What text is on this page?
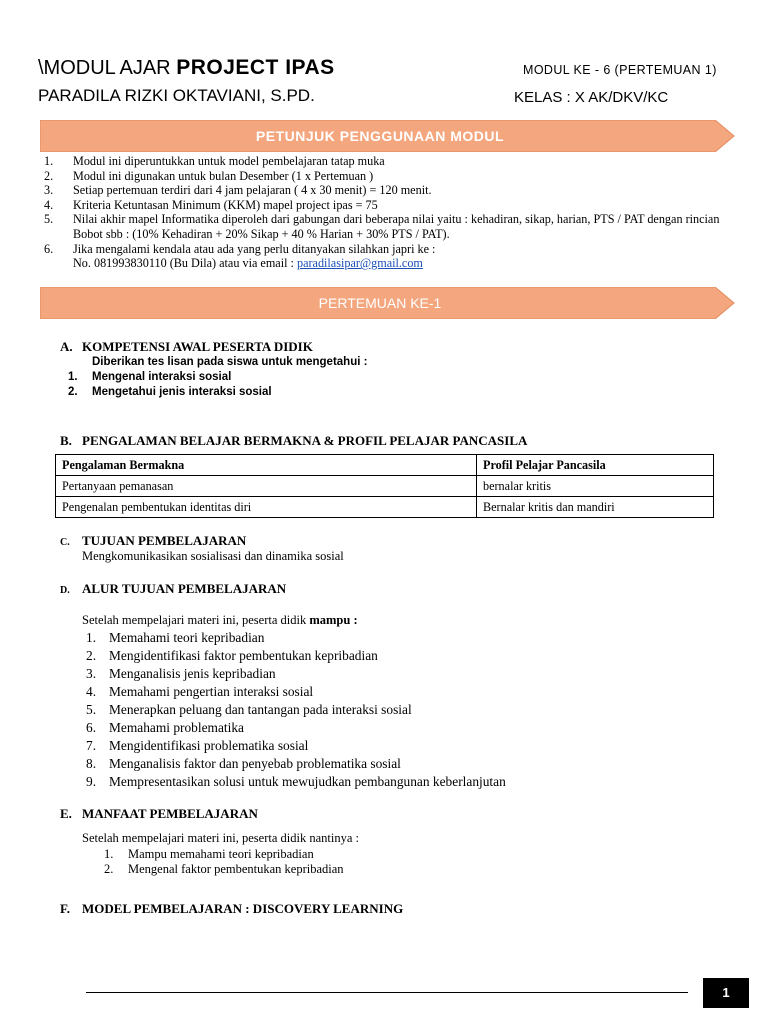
\MODUL AJAR PROJECT IPAS	MODUL KE - 6 (PERTEMUAN 1)
PARADILA RIZKI OKTAVIANI, S.PD.	KELAS : X AK/DKV/KC
PETUNJUK PENGGUNAAN MODUL
1. Modul ini diperuntukkan untuk model pembelajaran tatap muka
2. Modul ini digunakan untuk bulan Desember (1 x Pertemuan )
3. Setiap pertemuan terdiri dari 4 jam pelajaran ( 4 x 30 menit) = 120 menit.
4. Kriteria Ketuntasan Minimum (KKM) mapel project ipas = 75
5. Nilai akhir mapel Informatika diperoleh dari gabungan dari beberapa nilai yaitu : kehadiran, sikap, harian, PTS / PAT dengan rincian Bobot sbb : (10% Kehadiran + 20% Sikap + 40 % Harian + 30% PTS / PAT).
6. Jika mengalami kendala atau ada yang perlu ditanyakan silahkan japri ke :
No. 081993830110 (Bu Dila) atau via email : paradilasipar@gmail.com
PERTEMUAN KE-1
A. KOMPETENSI AWAL PESERTA DIDIK
Diberikan tes lisan pada siswa untuk mengetahui :
1. Mengenal interaksi sosial
2. Mengetahui jenis interaksi sosial
B. PENGALAMAN BELAJAR BERMAKNA & PROFIL PELAJAR PANCASILA
Pengalaman Bermakna	Profil Pelajar Pancasila
Pertanyaan pemanasan	bernalar kritis
Pengenalan pembentukan identitas diri	Bernalar kritis dan mandiri
C. TUJUAN PEMBELAJARAN
Mengkomunikasikan sosialisasi dan dinamika sosial
D. ALUR TUJUAN PEMBELAJARAN
Setelah mempelajari materi ini, peserta didik mampu :
1. Memahami teori kepribadian
2. Mengidentifikasi faktor pembentukan kepribadian
3. Menganalisis jenis kepribadian
4. Memahami pengertian interaksi sosial
5. Menerapkan peluang dan tantangan pada interaksi sosial
6. Memahami problematika
7. Mengidentifikasi problematika sosial
8. Menganalisis faktor dan penyebab problematika sosial
9. Mempresentasikan solusi untuk mewujudkan pembangunan keberlanjutan
E. MANFAAT PEMBELAJARAN
Setelah mempelajari materi ini, peserta didik nantinya :
1. Mampu memahami teori kepribadian
2. Mengenal faktor pembentukan kepribadian
F. MODEL PEMBELAJARAN : DISCOVERY LEARNING
1
